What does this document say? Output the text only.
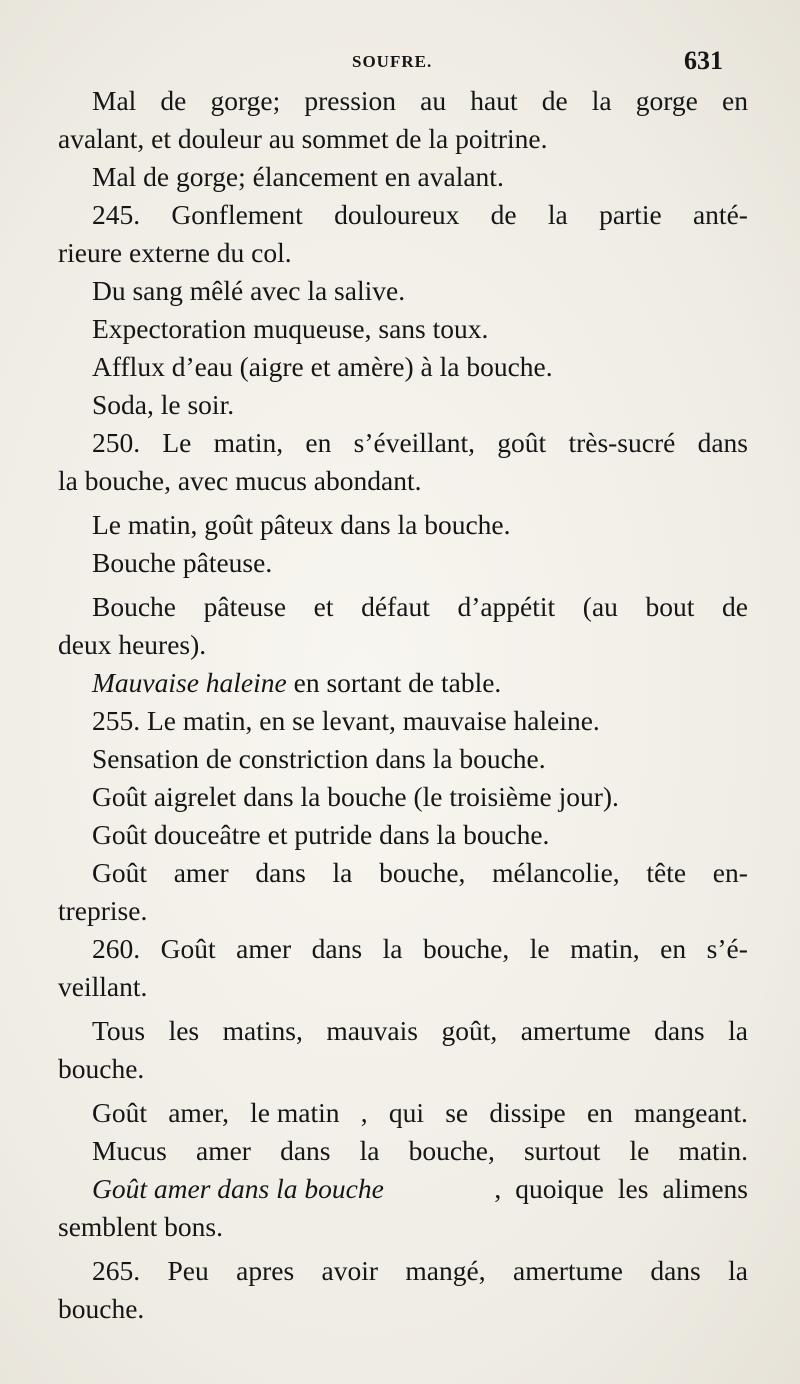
SOUFRE.	631
Mal de gorge; pression au haut de la gorge en
avalant, et douleur au sommet de la poitrine.
Mal de gorge; élancement en avalant.
245. Gonflement douloureux de la partie anté-
rieure externe du col.
Du sang mêlé avec la salive.
Expectoration muqueuse, sans toux.
Afflux d’eau (aigre et amère) à la bouche.
Soda, le soir.
250. Le matin, en s’éveillant, goût très-sucré dans
la bouche, avec mucus abondant.
Le matin, goût pâteux dans la bouche.
Bouche pâteuse.
Bouche pâteuse et défaut d’appétit (au bout de
deux heures).
Mauvaise haleine en sortant de table.
255. Le matin, en se levant, mauvaise haleine.
Sensation de constriction dans la bouche.
Goût aigrelet dans la bouche (le troisième jour).
Goût douceâtre et putride dans la bouche.
Goût amer dans la bouche, mélancolie, tête en-
treprise.
260. Goût amer dans la bouche, le matin, en s’é-
veillant.
Tous les matins, mauvais goût, amertume dans la
bouche.
Goût amer, le matin , qui se dissipe en mangeant.
Mucus amer dans la bouche, surtout le matin.
Goût amer dans la bouche	, quoique les alimens
semblent bons.
265. Peu apres avoir mangé, amertume dans la
bouche.
